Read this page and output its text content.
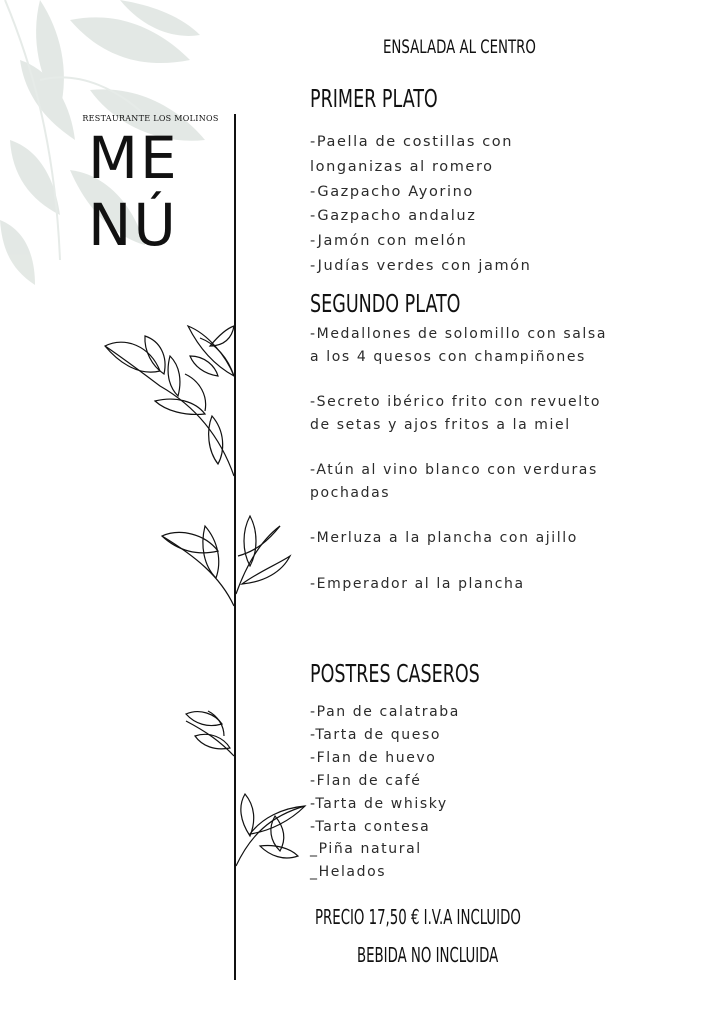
RESTAURANTE LOS MOLINOS
ME
NÚ
ENSALADA AL CENTRO
PRIMER PLATO
-Paella de costillas con
longanizas al romero
-Gazpacho Ayorino
-Gazpacho andaluz
-Jamón con melón
-Judías verdes con jamón
SEGUNDO PLATO
-Medallones de solomillo con salsa
a los 4 quesos con champiñones
-Secreto ibérico frito con revuelto
de setas y ajos fritos a la miel
-Atún al vino blanco con verduras
pochadas
-Merluza a la plancha con ajillo
-Emperador al la plancha
POSTRES CASEROS
-Pan de calatraba
-Tarta de queso
-Flan de huevo
-Flan de café
-Tarta de whisky
-Tarta contesa
_Piña natural
_Helados
PRECIO 17,50 € I.V.A INCLUIDO
BEBIDA NO INCLUIDA
